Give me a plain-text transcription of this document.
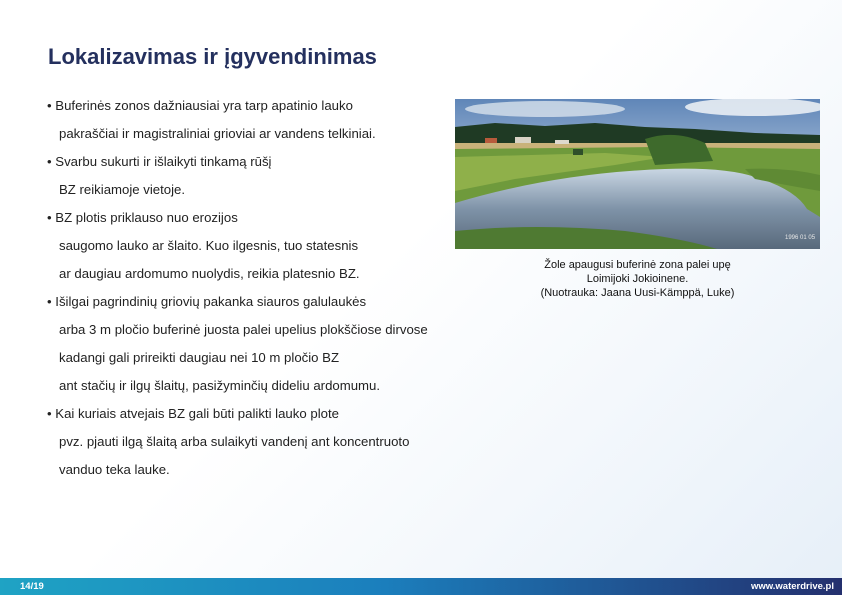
Lokalizavimas ir įgyvendinimas
• Buferinės zonos dažniausiai yra tarp apatinio lauko
pakraščiai ir magistraliniai grioviai ar vandens telkiniai.
• Svarbu sukurti ir išlaikyti tinkamą rūšį
BZ reikiamoje vietoje.
• BZ plotis priklauso nuo erozijos
saugomo lauko ar šlaito. Kuo ilgesnis, tuo statesnis
ar daugiau ardomumo nuolydis, reikia platesnio BZ.
• Išilgai pagrindinių griovių pakanka siauros galulaukės
arba 3 m pločio buferinė juosta palei upelius plokščiose dirvose
kadangi gali prireikti daugiau nei 10 m pločio BZ
ant stačių ir ilgų šlaitų, pasižyminčių dideliu ardomumu.
• Kai kuriais atvejais BZ gali būti palikti lauko plote
pvz. pjauti ilgą šlaitą arba sulaikyti vandenį ant koncentruoto
vanduo teka lauke.
1996 01 05
Žole apaugusi buferinė zona palei upę
Loimijoki Jokioinene.
(Nuotrauka: Jaana Uusi-Kämppä, Luke)
14/19	www.waterdrive.pl
